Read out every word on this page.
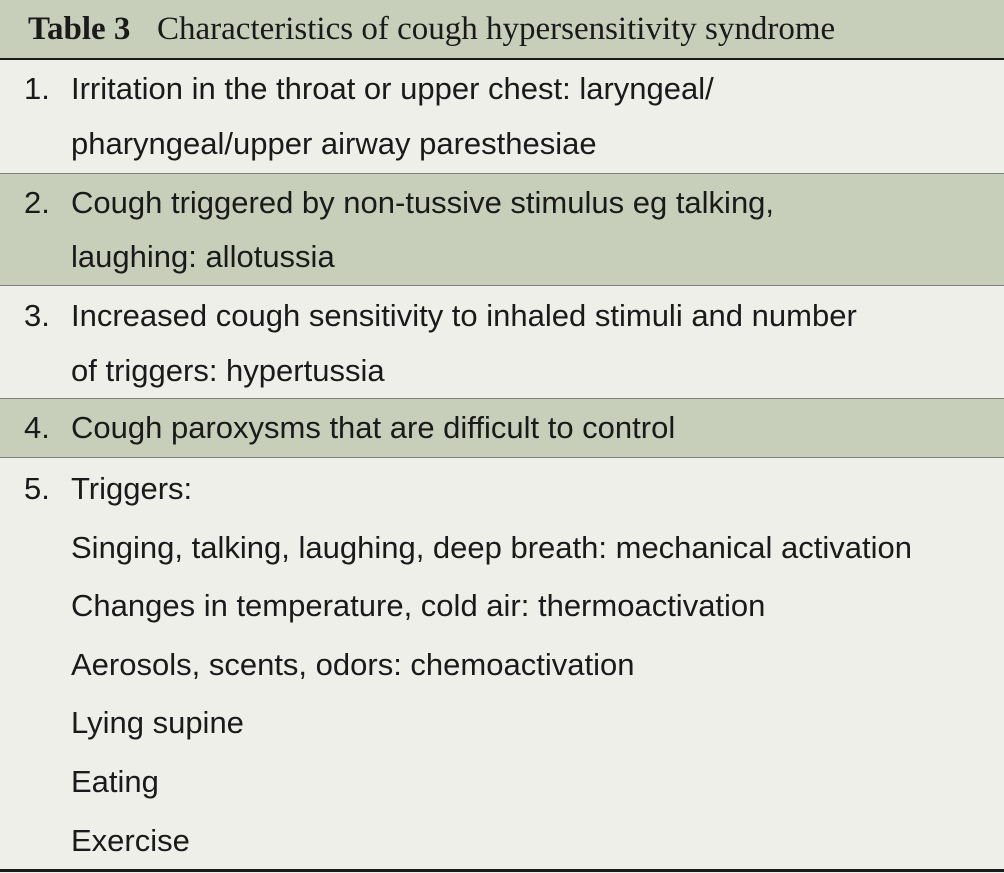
Table 3 Characteristics of cough hypersensitivity syndrome
1. Irritation in the throat or upper chest: laryngeal/
pharyngeal/upper airway paresthesiae
2. Cough triggered by non-tussive stimulus eg talking,
laughing: allotussia
3. Increased cough sensitivity to inhaled stimuli and number
of triggers: hypertussia
4. Cough paroxysms that are difficult to control
5. Triggers:
Singing, talking, laughing, deep breath: mechanical activation
Changes in temperature, cold air: thermoactivation
Aerosols, scents, odors: chemoactivation
Lying supine
Eating
Exercise
